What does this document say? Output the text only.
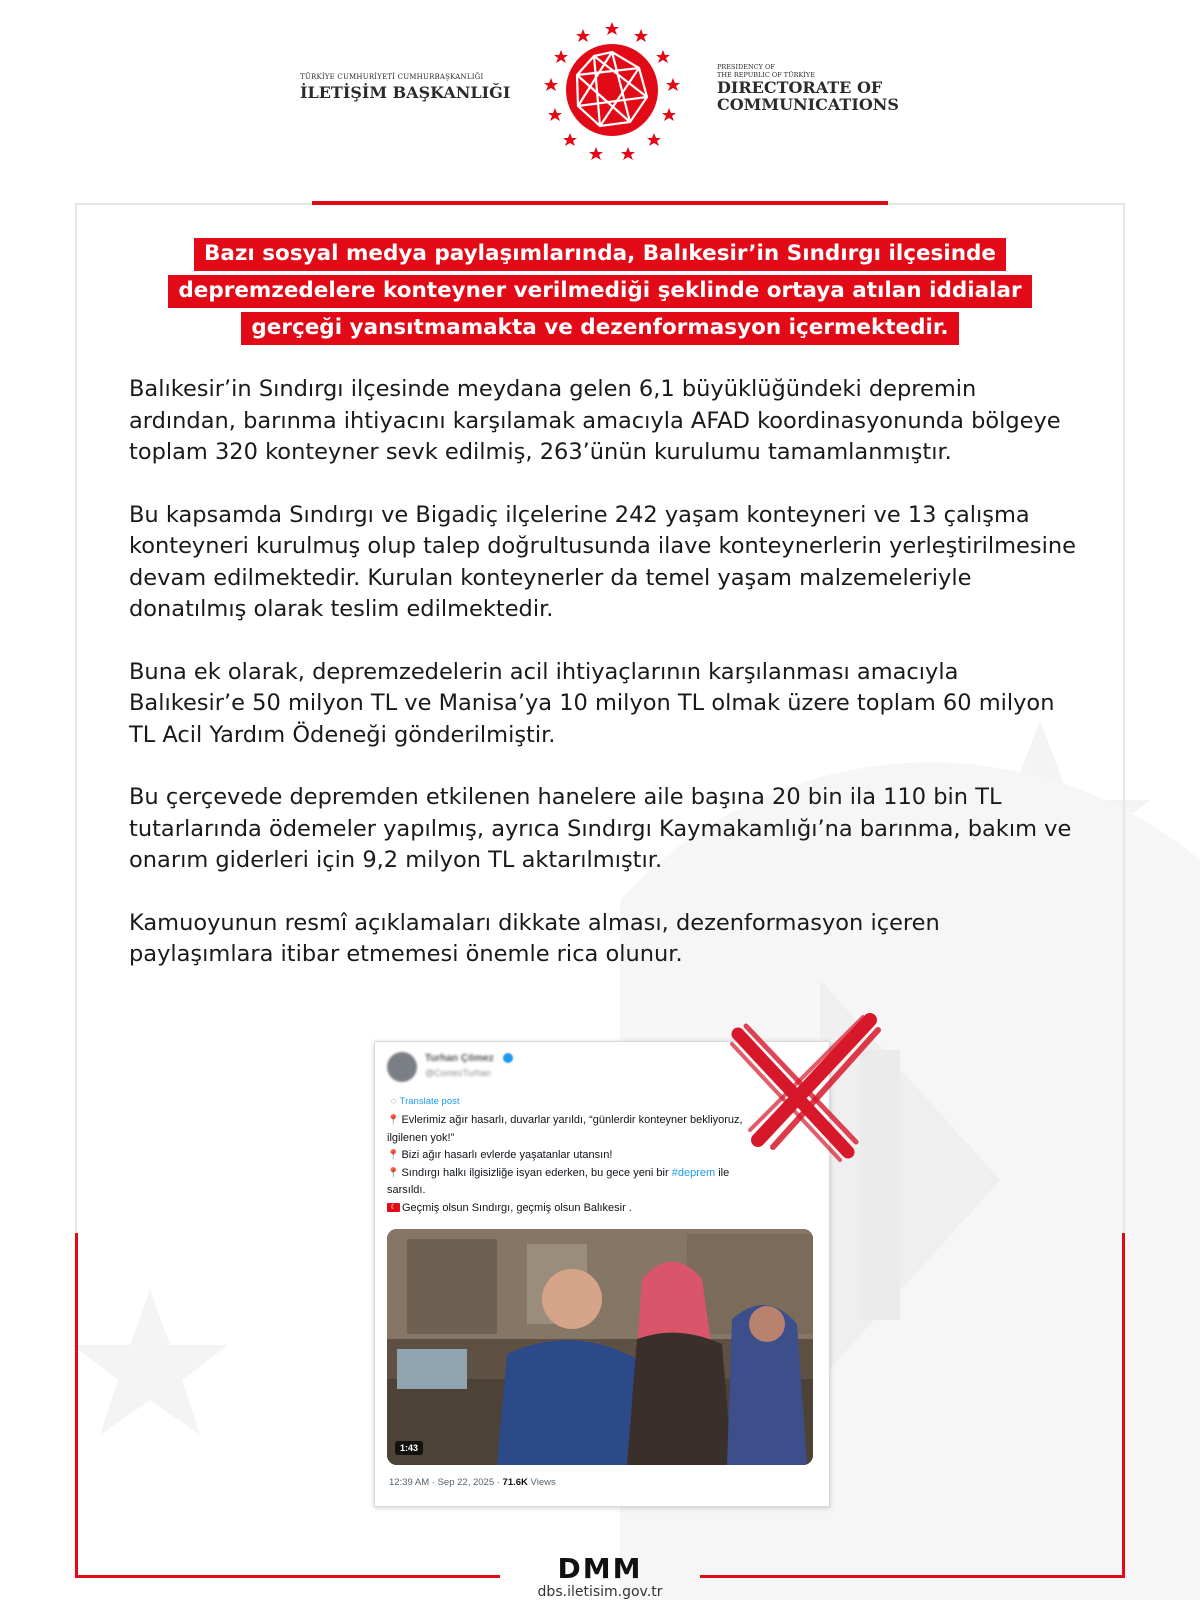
TÜRKİYE CUMHURİYETİ CUMHURBAŞKANLIĞI
İLETİŞİM BAŞKANLIĞI
PRESIDENCY OF
THE REPUBLIC OF TÜRKİYE
DIRECTORATE OF
COMMUNICATIONS
Bazı sosyal medya paylaşımlarında, Balıkesir’in Sındırgı ilçesinde
depremzedelere konteyner verilmediği şeklinde ortaya atılan iddialar
gerçeği yansıtmamakta ve dezenformasyon içermektedir.

Balıkesir’in Sındırgı ilçesinde meydana gelen 6,1 büyüklüğündeki depremin ardından, barınma ihtiyacını karşılamak amacıyla AFAD koordinasyonunda bölgeye toplam 320 konteyner sevk edilmiş, 263’ünün kurulumu tamamlanmıştır.

Bu kapsamda Sındırgı ve Bigadiç ilçelerine 242 yaşam konteyneri ve 13 çalışma konteyneri kurulmuş olup talep doğrultusunda ilave konteynerlerin yerleştirilmesine devam edilmektedir. Kurulan konteynerler da temel yaşam malzemeleriyle donatılmış olarak teslim edilmektedir.

Buna ek olarak, depremzedelerin acil ihtiyaçlarının karşılanması amacıyla Balıkesir’e 50 milyon TL ve Manisa’ya 10 milyon TL olmak üzere toplam 60 milyon TL Acil Yardım Ödeneği gönderilmiştir.

Bu çerçevede depremden etkilenen hanelere aile başına 20 bin ila 110 bin TL tutarlarında ödemeler yapılmış, ayrıca Sındırgı Kaymakamlığı’na barınma, bakım ve onarım giderleri için 9,2 milyon TL aktarılmıştır.

Kamuoyunun resmî açıklamaları dikkate alması, dezenformasyon içeren paylaşımlara itibar etmemesi önemle rica olunur.

Turhan Çömez
@ComezTurhan
◌ Translate post
📍 Evlerimiz ağır hasarlı, duvarlar yarıldı, “günlerdir konteyner bekliyoruz,
ilgilenen yok!”
📍 Bizi ağır hasarlı evlerde yaşatanlar utansın!
📍 Sındırgı halkı ilgisizliğe isyan ederken, bu gece yeni bir #deprem ile
sarsıldı.
☾ Geçmiş olsun Sındırgı, geçmiş olsun Balıkesir .
1:43
12:39 AM · Sep 22, 2025 · 71.6K Views
DMM
dbs.iletisim.gov.tr
